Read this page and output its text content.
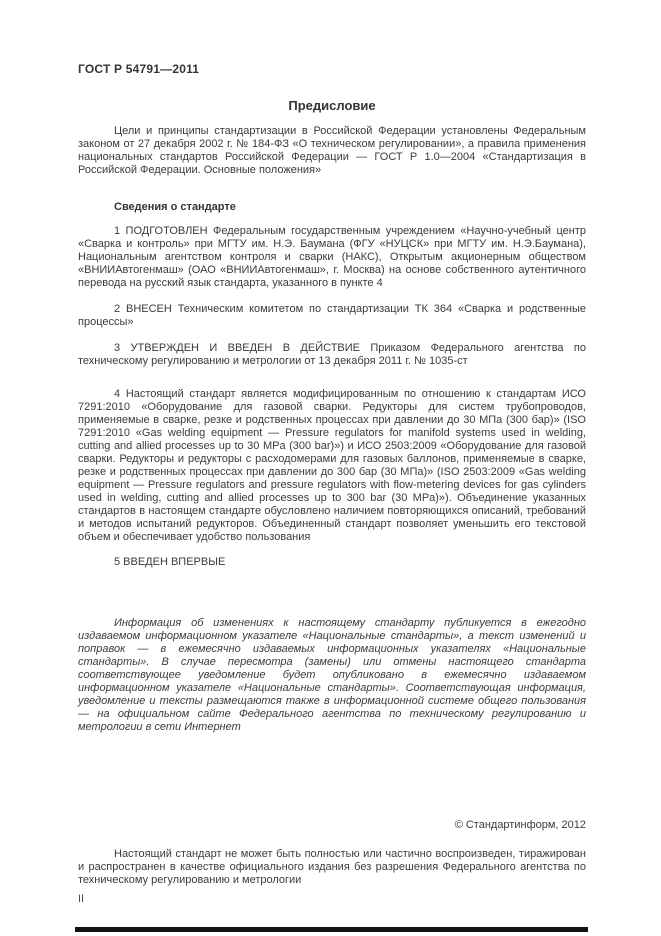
ГОСТ Р 54791—2011
Предисловие

Цели и принципы стандартизации в Российской Федерации установлены Федеральным законом от 27 декабря 2002 г. № 184-ФЗ «О техническом регулировании», а правила применения национальных стандартов Российской Федерации — ГОСТ Р 1.0—2004 «Стандартизация в Российской Федерации. Основные положения»

Сведения о стандарте

1 ПОДГОТОВЛЕН Федеральным государственным учреждением «Научно-учебный центр «Сварка и контроль» при МГТУ им. Н.Э. Баумана (ФГУ «НУЦСК» при МГТУ им. Н.Э.Баумана), Национальным агентством контроля и сварки (НАКС), Открытым акционерным обществом «ВНИИАвтогенмаш» (ОАО «ВНИИАвтогенмаш», г. Москва) на основе собственного аутентичного перевода на русский язык стандарта, указанного в пункте 4

2 ВНЕСЕН Техническим комитетом по стандартизации ТК 364 «Сварка и родственные процессы»

3 УТВЕРЖДЕН И ВВЕДЕН В ДЕЙСТВИЕ Приказом Федерального агентства по техническому регулированию и метрологии от 13 декабря 2011 г. № 1035-ст

4 Настоящий стандарт является модифицированным по отношению к стандартам ИСО 7291:2010 «Оборудование для газовой сварки. Редукторы для систем трубопроводов, применяемые в сварке, резке и родственных процессах при давлении до 30 МПа (300 бар)» (ISO 7291:2010 «Gas welding equipment — Pressure regulators for manifold systems used in welding, cutting and allied processes up to 30 MPa (300 bar)») и ИСО 2503:2009 «Оборудование для газовой сварки. Редукторы и редукторы с расходомерами для газовых баллонов, применяемые в сварке, резке и родственных процессах при давлении до 300 бар (30 МПа)» (ISO 2503:2009 «Gas welding equipment — Pressure regulators and pressure regulators with flow-metering devices for gas cylinders used in welding, cutting and allied processes up to 300 bar (30 MPa)»). Объединение указанных стандартов в настоящем стандарте обусловлено наличием повторяющихся описаний, требований и методов испытаний редукторов. Объединенный стандарт позволяет уменьшить его текстовой объем и обеспечивает удобство пользования

5 ВВЕДЕН ВПЕРВЫЕ

Информация об изменениях к настоящему стандарту публикуется в ежегодно издаваемом информационном указателе «Национальные стандарты», а текст изменений и поправок — в ежемесячно издаваемых информационных указателях «Национальные стандарты». В случае пересмотра (замены) или отмены настоящего стандарта соответствующее уведомление будет опубликовано в ежемесячно издаваемом информационном указателе «Национальные стандарты». Соответствующая информация, уведомление и тексты размещаются также в информационной системе общего пользования — на официальном сайте Федерального агентства по техническому регулированию и метрологии в сети Интернет

© Стандартинформ, 2012

Настоящий стандарт не может быть полностью или частично воспроизведен, тиражирован и распространен в качестве официального издания без разрешения Федерального агентства по техническому регулированию и метрологии

II
